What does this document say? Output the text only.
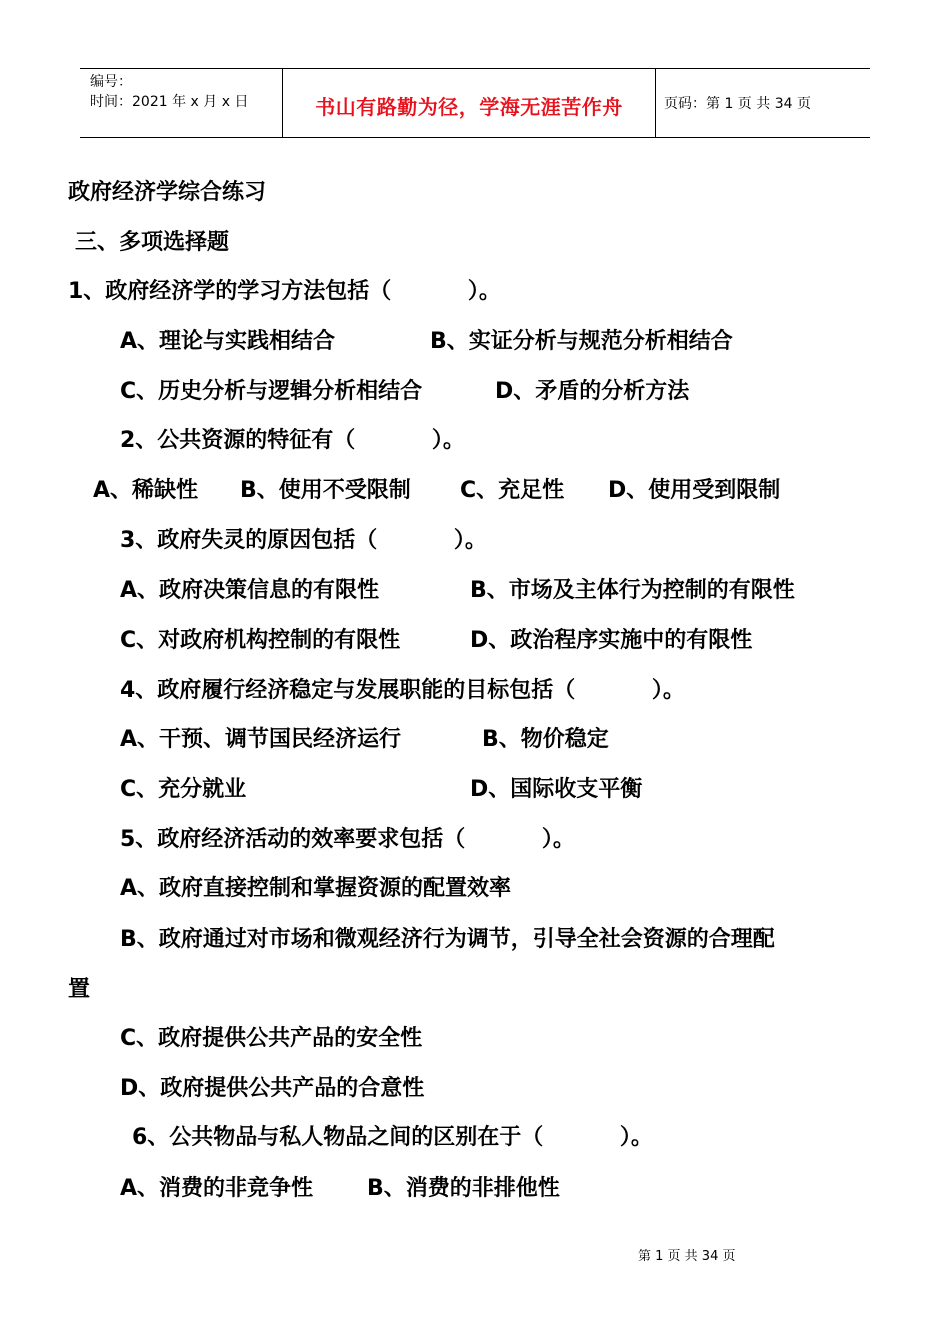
编号：
时间：2021 年 x 月 x 日	书山有路勤为径，学海无涯苦作舟	页码：第 1 页 共 34 页
政府经济学综合练习
三、多项选择题
1、政府经济学的学习方法包括（          ）。
A、理论与实践相结合	B、实证分析与规范分析相结合
C、历史分析与逻辑分析相结合	D、矛盾的分析方法
2、公共资源的特征有（          ）。
A、稀缺性 B、使用不受限制 C、充足性 D、使用受到限制
3、政府失灵的原因包括（          ）。
A、政府决策信息的有限性	B、市场及主体行为控制的有限性
C、对政府机构控制的有限性	D、政治程序实施中的有限性
4、政府履行经济稳定与发展职能的目标包括（          ）。
A、干预、调节国民经济运行	B、物价稳定
C、充分就业	D、国际收支平衡
5、政府经济活动的效率要求包括（          ）。
A、政府直接控制和掌握资源的配置效率
B、政府通过对市场和微观经济行为调节，引导全社会资源的合理配
置
C、政府提供公共产品的安全性
D、政府提供公共产品的合意性
6、公共物品与私人物品之间的区别在于（          ）。
A、消费的非竞争性 B、消费的非排他性
第 1 页 共 34 页
